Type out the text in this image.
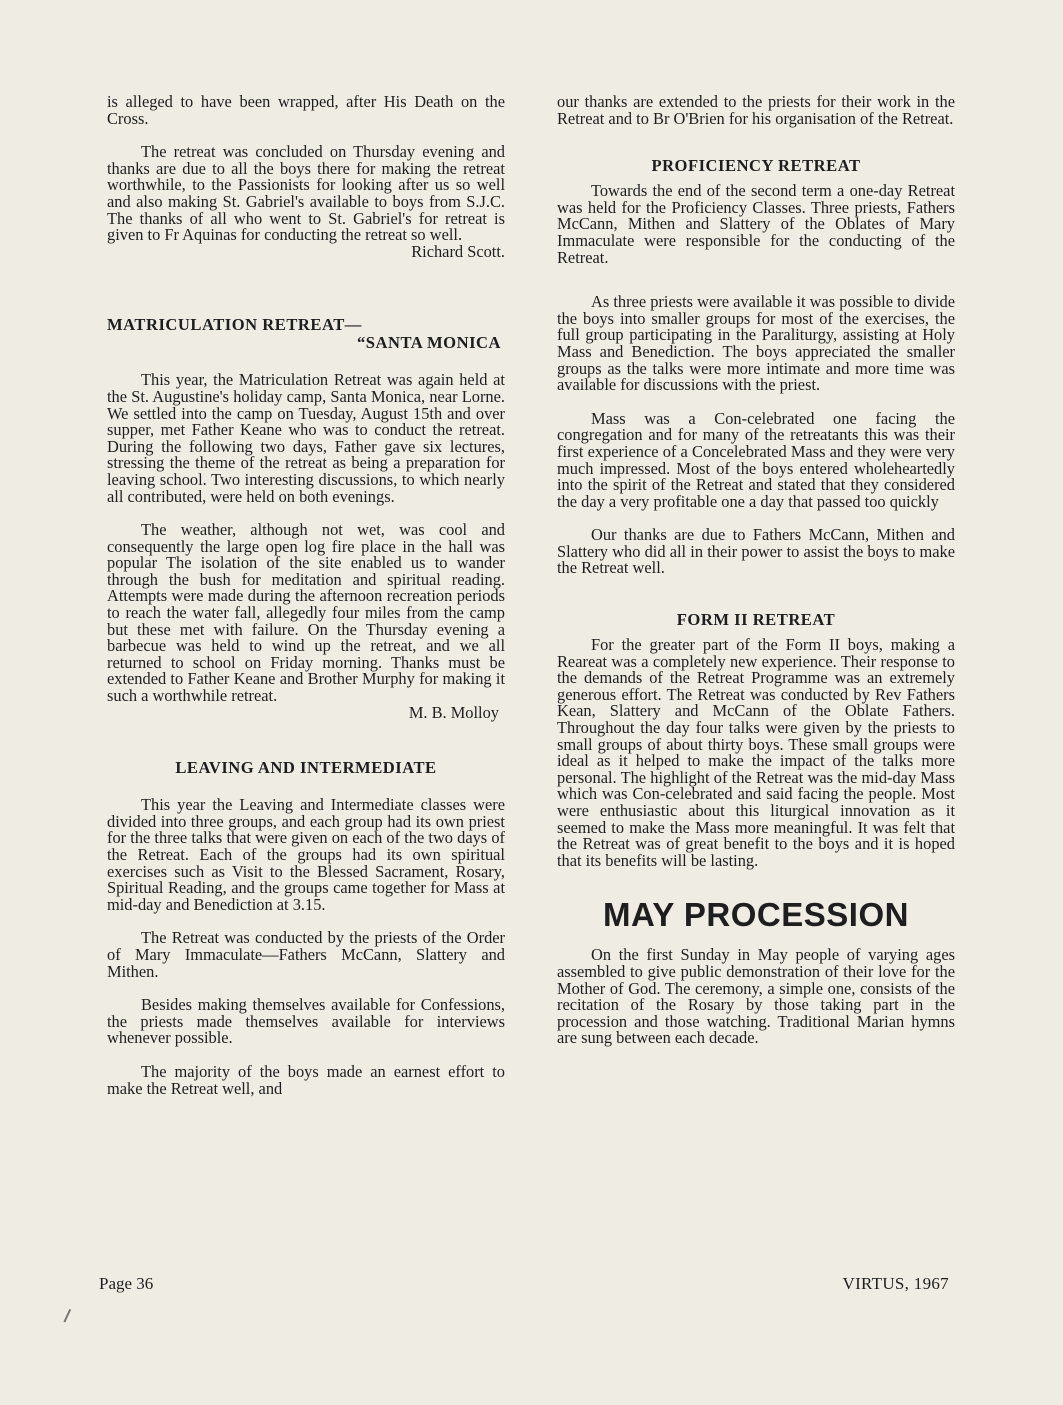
is alleged to have been wrapped, after His Death on the Cross.

The retreat was concluded on Thursday evening and thanks are due to all the boys there for making the retreat worthwhile, to the Passionists for looking after us so well and also making St. Gabriel's available to boys from S.J.C. The thanks of all who went to St. Gabriel's for retreat is given to Fr Aquinas for conducting the retreat so well.

Richard Scott.
MATRICULATION RETREAT—
“SANTA MONICA

This year, the Matriculation Retreat was again held at the St. Augustine's holiday camp, Santa Monica, near Lorne. We settled into the camp on Tuesday, August 15th and over supper, met Father Keane who was to conduct the retreat. During the following two days, Father gave six lectures, stressing the theme of the retreat as being a preparation for leaving school. Two interesting discussions, to which nearly all contributed, were held on both evenings.

The weather, although not wet, was cool and consequently the large open log fire place in the hall was popular The isolation of the site enabled us to wander through the bush for meditation and spiritual reading. Attempts were made during the afternoon recreation periods to reach the water fall, allegedly four miles from the camp but these met with failure. On the Thursday evening a barbecue was held to wind up the retreat, and we all returned to school on Friday morning. Thanks must be extended to Father Keane and Brother Murphy for making it such a worthwhile retreat.

M. B. Molloy
LEAVING AND INTERMEDIATE

This year the Leaving and Intermediate classes were divided into three groups, and each group had its own priest for the three talks that were given on each of the two days of the Retreat. Each of the groups had its own spiritual exercises such as Visit to the Blessed Sacrament, Rosary, Spiritual Reading, and the groups came together for Mass at mid-day and Benediction at 3.15.

The Retreat was conducted by the priests of the Order of Mary Immaculate—Fathers McCann, Slattery and Mithen.

Besides making themselves available for Confessions, the priests made themselves available for interviews whenever possible.

The majority of the boys made an earnest effort to make the Retreat well, and

our thanks are extended to the priests for their work in the Retreat and to Br O'Brien for his organisation of the Retreat.

PROFICIENCY RETREAT

Towards the end of the second term a one-day Retreat was held for the Proficiency Classes. Three priests, Fathers McCann, Mithen and Slattery of the Oblates of Mary Immaculate were responsible for the conducting of the Retreat.

As three priests were available it was possible to divide the boys into smaller groups for most of the exercises, the full group participating in the Paraliturgy, assisting at Holy Mass and Benediction. The boys appreciated the smaller groups as the talks were more intimate and more time was available for discussions with the priest.

Mass was a Con-celebrated one facing the congregation and for many of the retreatants this was their first experience of a Concelebrated Mass and they were very much impressed. Most of the boys entered wholeheartedly into the spirit of the Retreat and stated that they considered the day a very profitable one a day that passed too quickly

Our thanks are due to Fathers McCann, Mithen and Slattery who did all in their power to assist the boys to make the Retreat well.

FORM II RETREAT

For the greater part of the Form II boys, making a Reareat was a completely new experience. Their response to the demands of the Retreat Programme was an extremely generous effort. The Retreat was conducted by Rev Fathers Kean, Slattery and McCann of the Oblate Fathers. Throughout the day four talks were given by the priests to small groups of about thirty boys. These small groups were ideal as it helped to make the impact of the talks more personal. The highlight of the Retreat was the mid-day Mass which was Con-celebrated and said facing the people. Most were enthusiastic about this liturgical innovation as it seemed to make the Mass more meaningful. It was felt that the Retreat was of great benefit to the boys and it is hoped that its benefits will be lasting.

MAY PROCESSION

On the first Sunday in May people of varying ages assembled to give public demonstration of their love for the Mother of God. The ceremony, a simple one, consists of the recitation of the Rosary by those taking part in the procession and those watching. Traditional Marian hymns are sung between each decade.

Page 36	VIRTUS, 1967
